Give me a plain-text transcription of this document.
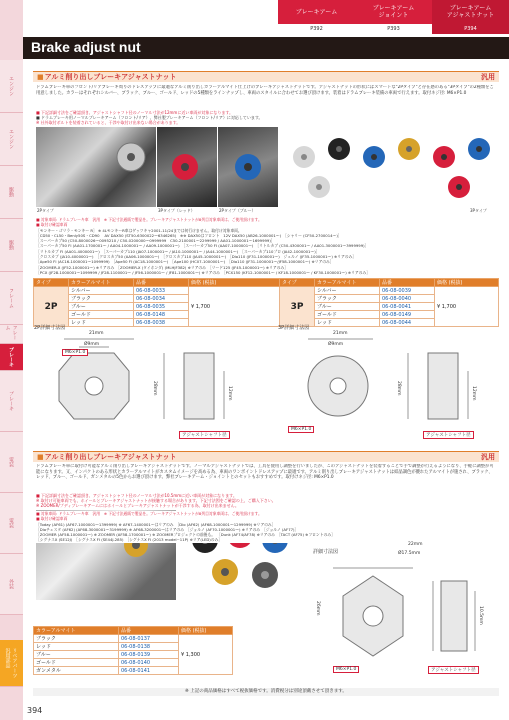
ブレーキアーム
P392
ブレーキアーム
ジョイント
P393
ブレーキアーム
アジャストナット
P394
エンジン
エンジン
駆動
駆動
フレーム
フレーム
ブレーキ
ブレーキ
電装
電装
外装
リペアパーツ
汎用部品
Brake adjust nut
■ アルミ削り出しブレーキアジャストナット	汎用
ドラムブレーキ車のフロント/リアブレーキ周りのドレスアップに最適なアルミ削り出しカラーアルマイト仕上げのブレーキアジャストナットです。アジャストナットの形状にはスマートな"2Pタイプ"と存在感のある"3Pタイプ"の2種類をご用意しました。カラーはそれぞれシルバー、ブラック、ブルー、ゴールド、レッドの5種類をラインナップし、車両のスタイルに合わせてお選び頂けます。装着はドラムブレーキ装備の車両で行えます。取付ネジ径: M6×P1.0
■ 下記詳細寸法をご確認頂き、アジャストシャフト径のノーマル寸法が12mmに近い車両が対象になります。
■ ドラムブレーキ用ノーマルブレーキアーム（フロント/リア）、弊社製ブレーキアーム（フロント/リア）に対応しています。
※ 社外取付ボルトを装着されていると、干渉や取付け出来ない場合があります。
2Pタイプ	3Pタイプ（レッド）	2Pタイプ（ブルー）	3Pタイプ
■ 対象車両: ドラムブレーキ車　汎用　※ 下記寸法通販で製品を。ブレーキアジャストナットが8列目対象車両は、ご使用頂けます。
■ 取付け確認車両
［モンキー・ゴリラ・モンキー R］ ※ 4LモンキーR車はゲッツキャ2001-11/24までは何行けません。取付け対象車両。
［CD50・CL50・Benly50S・CD90　 AV DAX50 (ST50-6300022〜6346265)　※※ DAX50はフロント　12V DAX50 (AB26-1000001〜)　［シャリー (CF50-2700014〜)］
［スーパーカブ50 (C50-8000026〜0095210 / C50-0200000〜0999999　C50-2100001〜2299999 / AA01-1000001〜1699999)］
［スーパーカブ50 FI (AA01-1700001〜 / AA04-1000001〜 / AA09-1000001〜)　［スーパーカブ50 FI (AA07-1000001〜)　［リトルカブ (C50-4300001〜 / AA01-3000001〜3999999)］
［リトルカブ FI (AA01-4000001〜)　［スーパーカブ110 (JA07-1000001〜 / JA10-1000001〜 / JA44-1000001〜)　［スーパーカブ110プロ (JA42-1000001〜)］
［クロスカブ (JA10-4000001〜)　［クロスカブ50 (AA06-1000001〜)　［クロスカブ110 (JA45-1000001〜)　［Dio110 (JF31-1000001〜)　ジェルノ (JF35-1000001〜) ※リアのみ］
［Ape50 FI (AC16-1000001〜1099999)　［Ape50 FI (AC18-1000001〜)　［Ape100 (HC07-1000001〜)　［Dio110 (JF31-1000001〜/JF58-1000001〜) ※リアのみ］
［ZOOMER-X (JF52-1000001〜) ※リアのみ　［ZOOMER-X (タイホンダ) (MLHJF382) ※リアのみ　［リード125 (JF45-1000001〜) ※リアのみ］
［PCX (JF28-1000001〜1099999 / JF28-1100001〜 / JF56-1000001〜 / JF81-1000001〜) ※リアのみ　［PCX150 (KF12-1000001〜 / KF18-1000001〜 / KF30-1000001〜) ※リアのみ］
タイプ	カラーアルマイト	品番	価格 (税抜)	タイプ	カラーアルマイト	品番	価格 (税抜)
2P	シルバー	06-08-0033	¥ 1,700	3P	シルバー	06-08-0039	¥ 1,700
	ブラック	06-08-0034			ブラック	06-08-0040	
	ブルー	06-08-0035			ブルー	06-08-0041	
	ゴールド	06-08-0148			ゴールド	06-08-0149	
	レッド	06-08-0038			レッド	06-08-0044	
2P詳細寸法図
21mm
Ø9mm
28mm	12mm
M6×P1.0
アジャストシャフト径
3P詳細寸法図
21mm
Ø9mm
28mm	12mm
M6×P1.0
アジャストシャフト径
■ アルミ削り出しブレーキアジャストナット	汎用
ドラムブレーキ車に取付け可能なアルミ削り出しブレーキアジャストナットです。ノーマルアジャストナットでは、工具を使用し調整を行いましたが、このアジャストナットを装着することで手で調整が行えるようになり、手軽に調整が可能になります。又、インパクトのある形状とカラーアルマイトがカスタムイメージを高める為、車両のワンポイントドレスアップに最適です。アルミ削り出しブレーキアジャストナットは結晶調色が優れたアルマイトが施され、ブラック、レッド、ブルー、ゴールド、ガンメタルの5色からお選び頂けます。弊社ブレーキアーム・ジョイントとのセットもおすすめです。取付けネジ径: M6×P1.0
■ 下記詳細寸法をご確認頂き、アジャストシャフト径のノーマル寸法が10.5mmに近い車両が対象になります。
※ 取付け可能車両でも、ホイールとブレーキアジャストナットが接触する場合があります。下記寸法図をご確認の上、ご購入下さい。
※ ZOOMER/プディブレーキアームにはホイールとブレーキアジャストナットが干渉する為、取付け出来ません。
■ 対象車両: ドラムブレーキ車　汎用　※ 下記寸法通販で製品を。ブレーキアジャストナットが8列目対象車両は、ご使用頂けます。
■ 取付け確認車両
［Today (AF61) (AF67-1000001〜1399999) ※ AF67-1400001〜はリアのみ　［Dio (AF62) (AF68-1000001〜1299999) ※リアのみ］
［Dioチェスタ (AF62) (AF68-3000001〜3199999) ※ AF68-3200001〜はリアのみ　［ジョルノ (AF70-1000001〜) ※リアのみ　［ジョルノ (AF77)］
［ZOOMER (AF58-1000001〜) ※ ZOOMER (AF58-1700001〜) ※ ZOOMERプロジェクトの前後も。　［Dunk (AF74/AF78) ※リアのみ　［TACT (AF75) ※フロントのみ］
［シグナスX (SE12J)　［シグナスX FI (SE44J-285)　［シグナスX FI (2013 model~11P) ※リア(LED)のみ］
詳細寸法図
22mm
Ø17.5mm
26mm	10.5mm
M6×P1.0	アジャストシャフト径
カラーアルマイト	品番	価格 (税抜)
ブラック	06-08-0137	¥ 1,300
レッド	06-08-0138	
ブルー	06-08-0139	
ゴールド	06-08-0140	
ガンメタル	06-08-0141	
※ 上記の商品価格はすべて税抜価格です。消費税分は別途頂戴させて頂きます。
394
